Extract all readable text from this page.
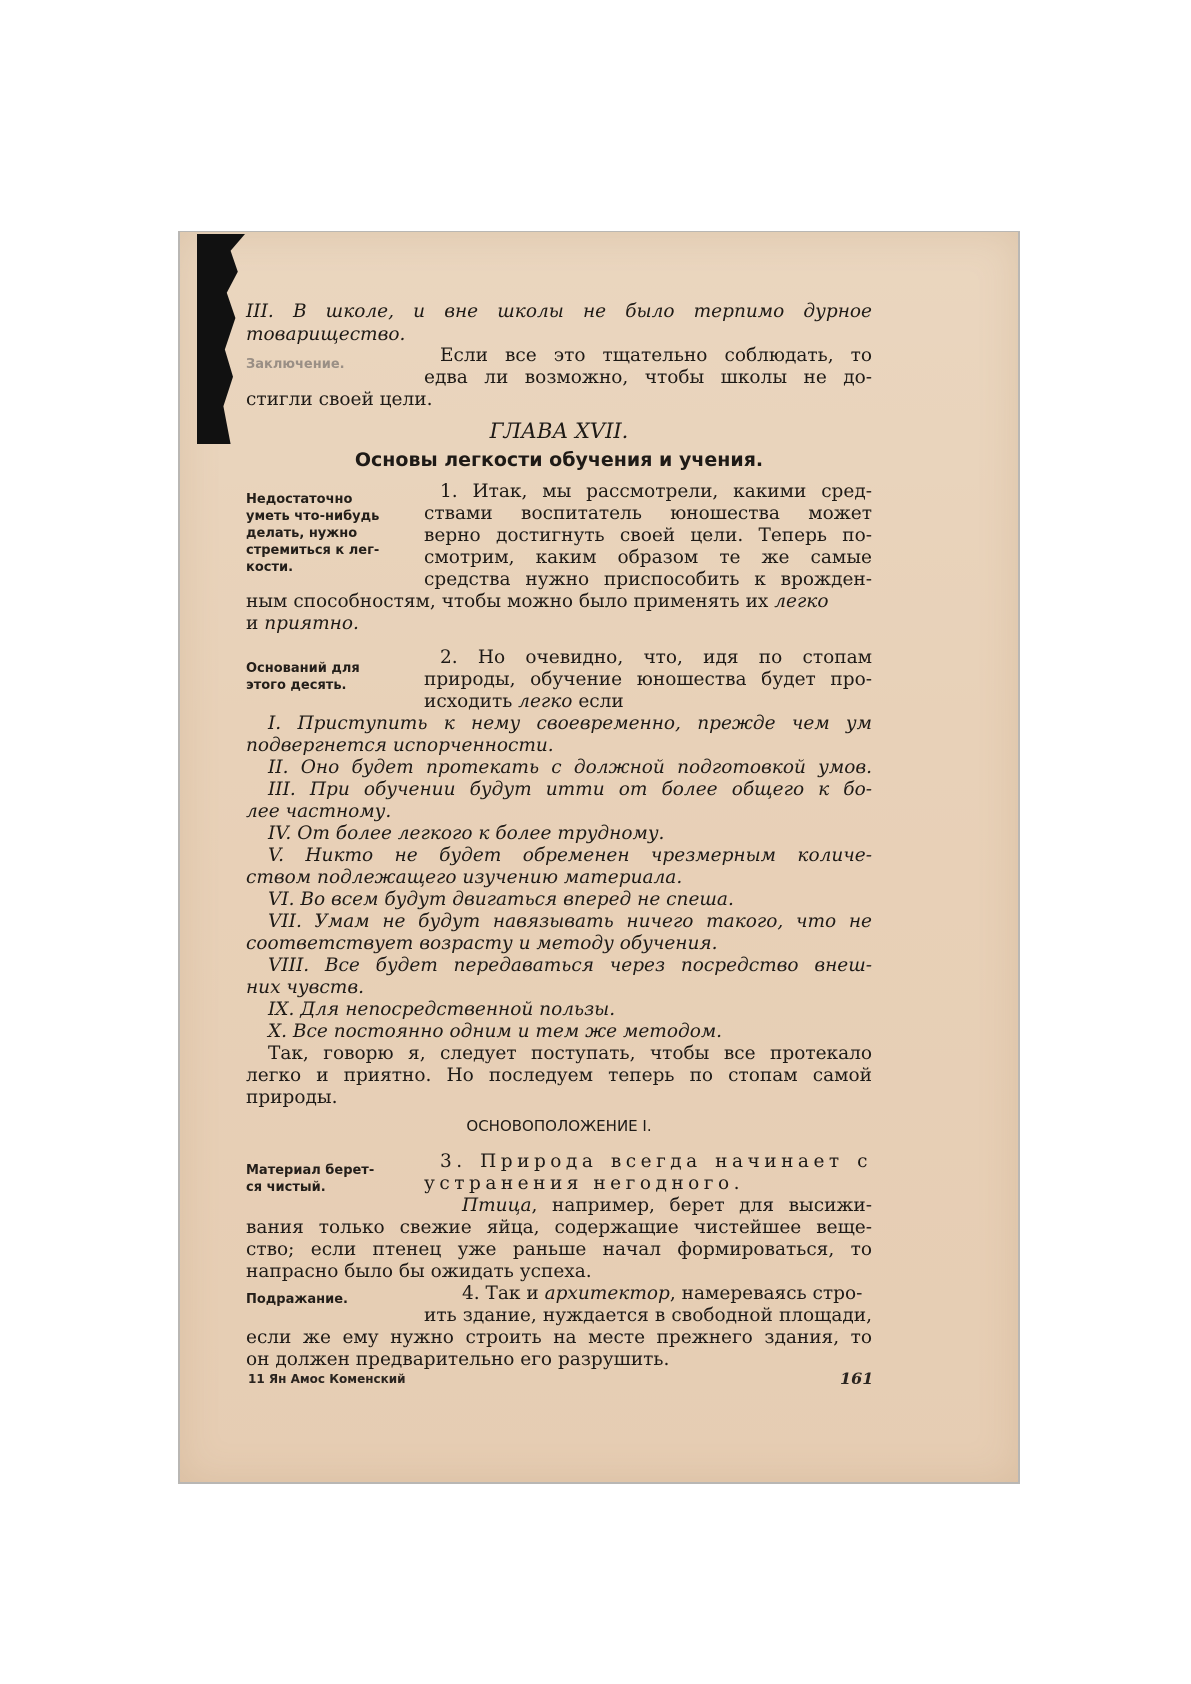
III. В школе, и вне школы не было терпимо дурное
товарищество.
Заключение.	Если все это тщательно соблюдать, то
едва ли возможно, чтобы школы не до-
стигли своей цели.
ГЛАВА XVII.
Основы легкости обучения и учения.
Недостаточно
уметь что-нибудь
делать, нужно
стремиться к лег-
кости.
1. Итак, мы рассмотрели, какими сред-
ствами воспитатель юношества может
верно достигнуть своей цели. Теперь по-
смотрим, каким образом те же самые
средства нужно приспособить к врожден-
ным способностям, чтобы можно было применять их легко
и приятно.
Оснований для
этого десять.
2. Но очевидно, что, идя по стопам
природы, обучение юношества будет про-
исходить легко если
I. Приступить к нему своевременно, прежде чем ум
подвергнется испорченности.
II. Оно будет протекать с должной подготовкой умов.
III. При обучении будут итти от более общего к бо-
лее частному.
IV. От более легкого к более трудному.
V. Никто не будет обременен чрезмерным количе-
ством подлежащего изучению материала.
VI. Во всем будут двигаться вперед не спеша.
VII. Умам не будут навязывать ничего такого, что не
соответствует возрасту и методу обучения.
VIII. Все будет передаваться через посредство внеш-
них чувств.
IX. Для непосредственной пользы.
X. Все постоянно одним и тем же методом.
Так, говорю я, следует поступать, чтобы все протекало
легко и приятно. Но последуем теперь по стопам самой
природы.
ОСНОВОПОЛОЖЕНИЕ I.
Материал берет-
ся чистый.
3. Природа всегда начинает с
устранения негодного.
Птица, например, берет для высижи-
вания только свежие яйца, содержащие чистейшее веще-
ство; если птенец уже раньше начал формироваться, то
напрасно было бы ожидать успеха.
Подражание.	4. Так и архитектор, намереваясь стро-
ить здание, нуждается в свободной площади,
если же ему нужно строить на месте прежнего здания, то
он должен предварительно его разрушить.
11 Ян Амос Коменский	161
